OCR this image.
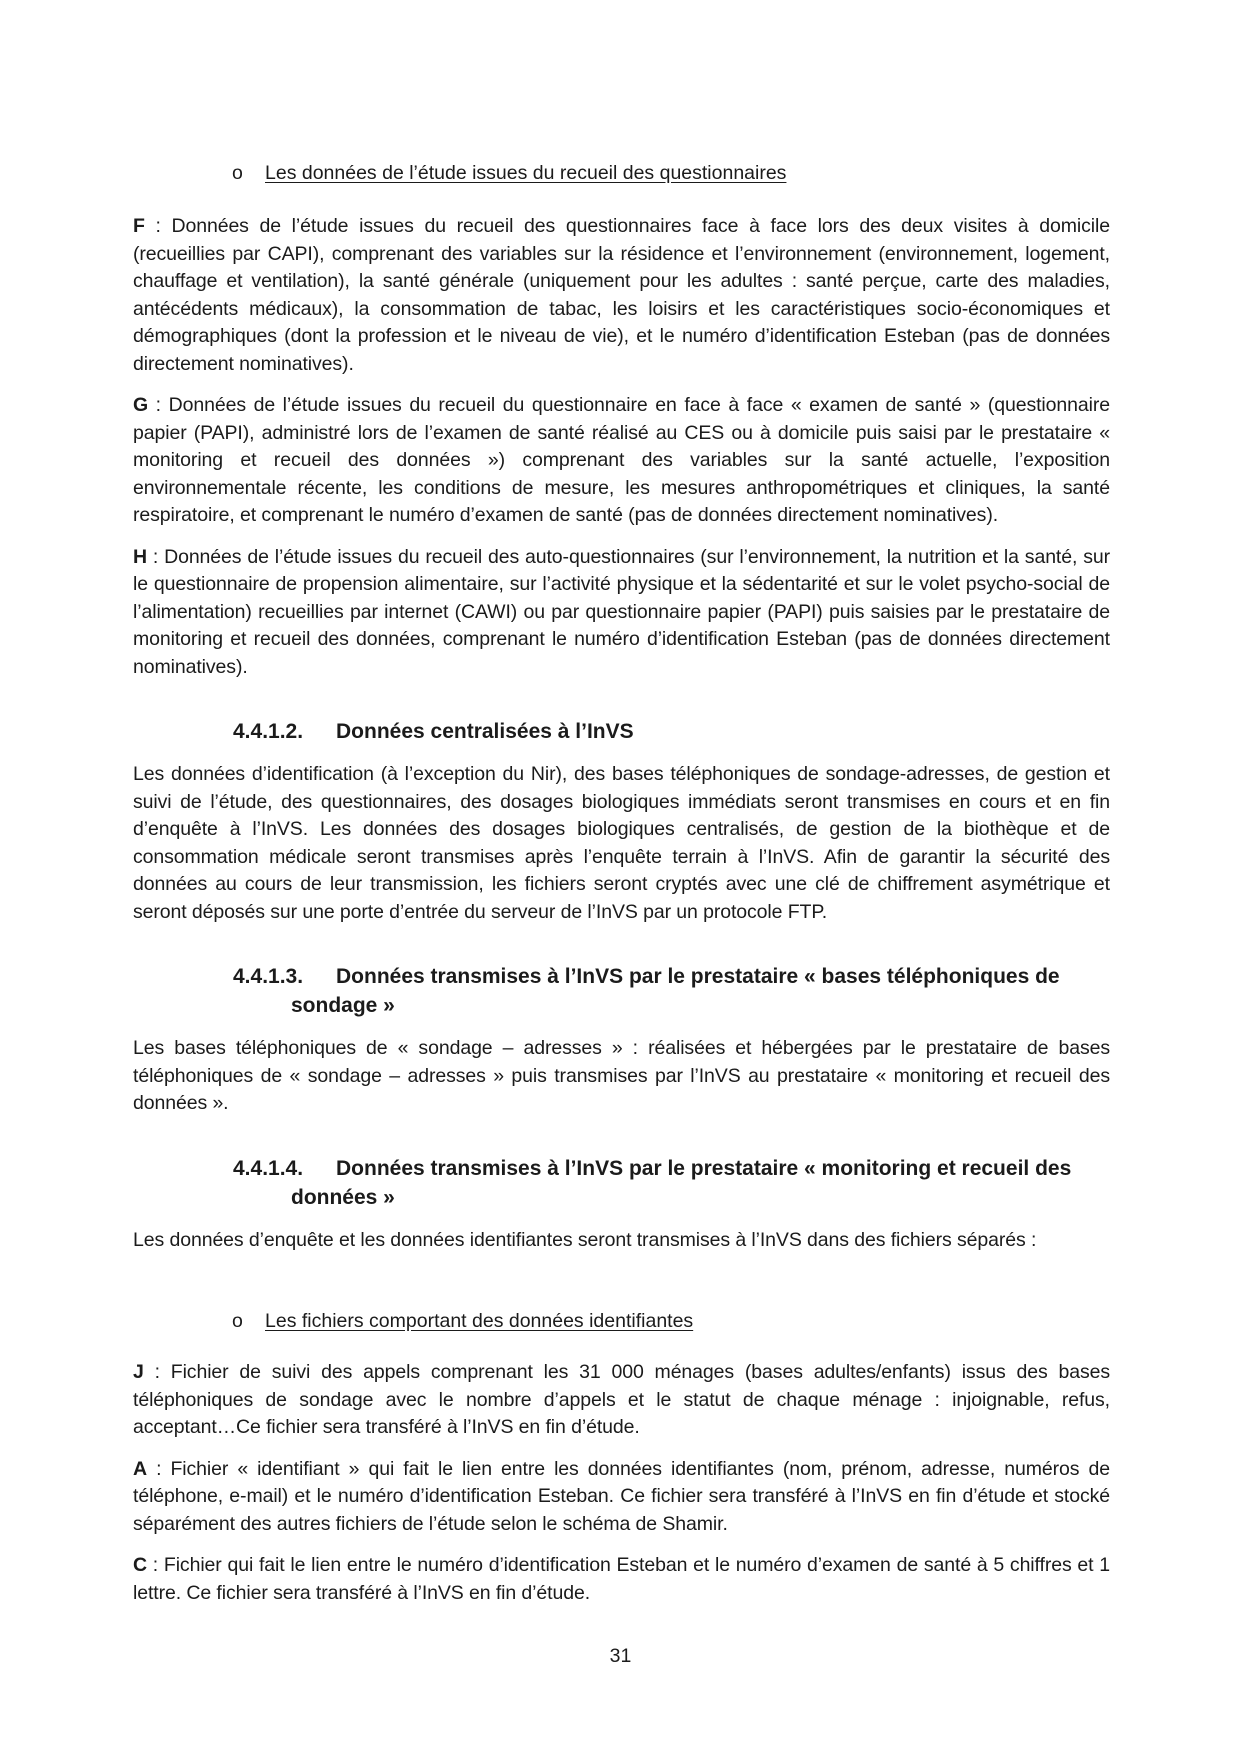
o Les données de l’étude issues du recueil des questionnaires

F : Données de l’étude issues du recueil des questionnaires face à face lors des deux visites à domicile (recueillies par CAPI), comprenant des variables sur la résidence et l’environnement (environnement, logement, chauffage et ventilation), la santé générale (uniquement pour les adultes : santé perçue, carte des maladies, antécédents médicaux), la consommation de tabac, les loisirs et les caractéristiques socio-économiques et démographiques (dont la profession et le niveau de vie), et le numéro d’identification Esteban (pas de données directement nominatives).

G : Données de l’étude issues du recueil du questionnaire en face à face « examen de santé » (questionnaire papier (PAPI), administré lors de l’examen de santé réalisé au CES ou à domicile puis saisi par le prestataire « monitoring et recueil des données ») comprenant des variables sur la santé actuelle, l’exposition environnementale récente, les conditions de mesure, les mesures anthropométriques et cliniques, la santé respiratoire, et comprenant le numéro d’examen de santé (pas de données directement nominatives).

H : Données de l’étude issues du recueil des auto-questionnaires (sur l’environnement, la nutrition et la santé, sur le questionnaire de propension alimentaire, sur l’activité physique et la sédentarité et sur le volet psycho-social de l’alimentation) recueillies par internet (CAWI) ou par questionnaire papier (PAPI) puis saisies par le prestataire de monitoring et recueil des données, comprenant le numéro d’identification Esteban (pas de données directement nominatives).

4.4.1.2. Données centralisées à l’InVS

Les données d’identification (à l’exception du Nir), des bases téléphoniques de sondage-adresses, de gestion et suivi de l’étude, des questionnaires, des dosages biologiques immédiats seront transmises en cours et en fin d’enquête à l’InVS. Les données des dosages biologiques centralisés, de gestion de la biothèque et de consommation médicale seront transmises après l’enquête terrain à l’InVS. Afin de garantir la sécurité des données au cours de leur transmission, les fichiers seront cryptés avec une clé de chiffrement asymétrique et seront déposés sur une porte d’entrée du serveur de l’InVS par un protocole FTP.

4.4.1.3. Données transmises à l’InVS par le prestataire « bases téléphoniques de sondage »

Les bases téléphoniques de « sondage – adresses » : réalisées et hébergées par le prestataire de bases téléphoniques de « sondage – adresses » puis transmises par l’InVS au prestataire « monitoring et recueil des données ».

4.4.1.4. Données transmises à l’InVS par le prestataire « monitoring et recueil des données »

Les données d’enquête et les données identifiantes seront transmises à l’InVS dans des fichiers séparés :

o Les fichiers comportant des données identifiantes

J : Fichier de suivi des appels comprenant les 31 000 ménages (bases adultes/enfants) issus des bases téléphoniques de sondage avec le nombre d’appels et le statut de chaque ménage : injoignable, refus, acceptant…Ce fichier sera transféré à l’InVS en fin d’étude.

A : Fichier « identifiant » qui fait le lien entre les données identifiantes (nom, prénom, adresse, numéros de téléphone, e-mail) et le numéro d’identification Esteban. Ce fichier sera transféré à l’InVS en fin d’étude et stocké séparément des autres fichiers de l’étude selon le schéma de Shamir.

C : Fichier qui fait le lien entre le numéro d’identification Esteban et le numéro d’examen de santé à 5 chiffres et 1 lettre. Ce fichier sera transféré à l’InVS en fin d’étude.

31
